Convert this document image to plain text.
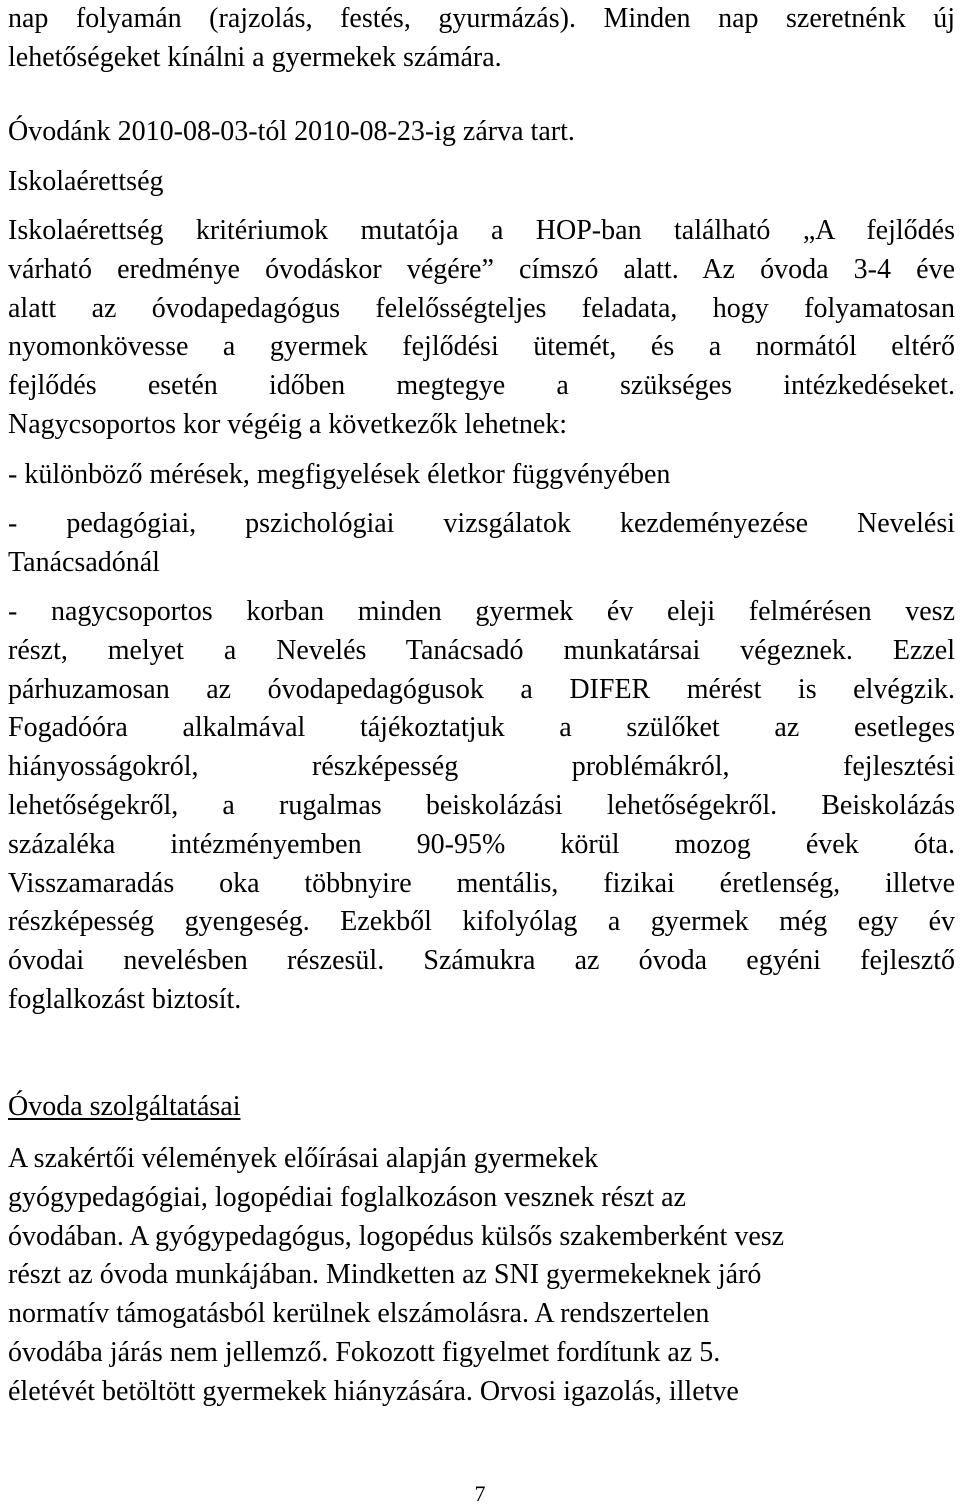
nap folyamán (rajzolás, festés, gyurmázás). Minden nap szeretnénk új

lehetőségeket kínálni a gyermekek számára.

Óvodánk 2010-08-03-tól 2010-08-23-ig zárva tart.

Iskolaérettség

Iskolaérettség kritériumok mutatója a HOP-ban található „A fejlődés

várható eredménye óvodáskor végére” címszó alatt. Az óvoda 3-4 éve

alatt az óvodapedagógus felelősségteljes feladata, hogy folyamatosan

nyomonkövesse a gyermek fejlődési ütemét, és a normától eltérő

fejlődés esetén időben megtegye a szükséges intézkedéseket.

Nagycsoportos kor végéig a következők lehetnek:

- különböző mérések, megfigyelések életkor függvényében

- pedagógiai, pszichológiai vizsgálatok kezdeményezése Nevelési

Tanácsadónál

- nagycsoportos korban minden gyermek év eleji felmérésen vesz

részt, melyet a Nevelés Tanácsadó munkatársai végeznek. Ezzel

párhuzamosan az óvodapedagógusok a DIFER mérést is elvégzik.

Fogadóóra alkalmával tájékoztatjuk a szülőket az esetleges

hiányosságokról, részképesség problémákról, fejlesztési

lehetőségekről, a rugalmas beiskolázási lehetőségekről. Beiskolázás

százaléka intézményemben 90-95% körül mozog évek óta.

Visszamaradás oka többnyire mentális, fizikai éretlenség, illetve

részképesség gyengeség. Ezekből kifolyólag a gyermek még egy év

óvodai nevelésben részesül. Számukra az óvoda egyéni fejlesztő

foglalkozást biztosít.

Óvoda szolgáltatásai

A szakértői vélemények előírásai alapján gyermekek

gyógypedagógiai, logopédiai foglalkozáson vesznek részt az

óvodában. A gyógypedagógus, logopédus külsős szakemberként vesz

részt az óvoda munkájában. Mindketten az SNI gyermekeknek járó

normatív támogatásból kerülnek elszámolásra. A rendszertelen

óvodába járás nem jellemző. Fokozott figyelmet fordítunk az 5.

életévét betöltött gyermekek hiányzására. Orvosi igazolás, illetve

7
